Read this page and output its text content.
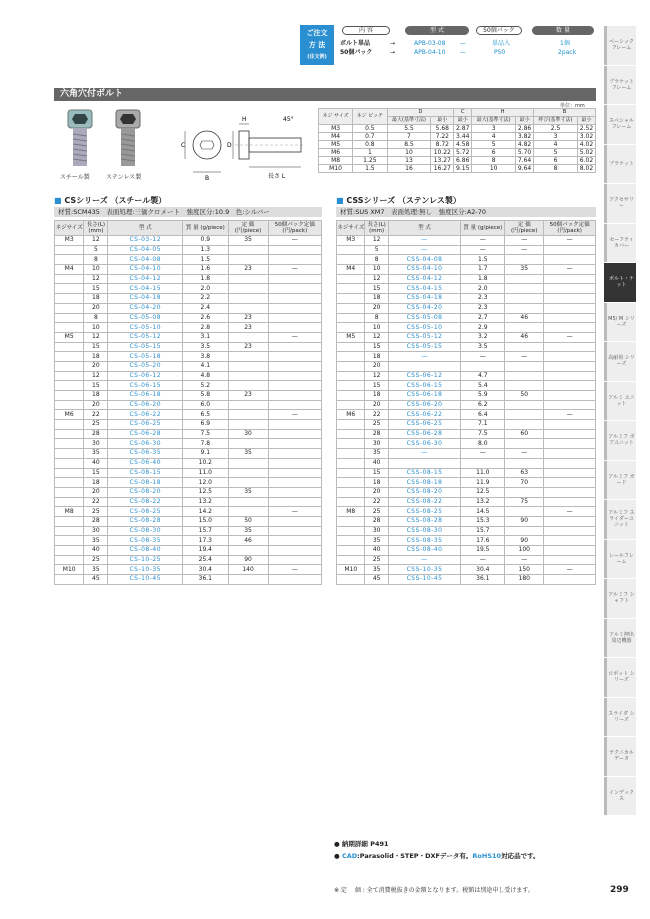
ご注文
方 法
(注文例)
内 容	型 式	50個パック	数 量
ボルト単品	→	APB-03-08 —	単品入	1個
50個パック	→	APB-04-10 —	P50	2pack
ベーシック フレーム
ブラケット フレーム
スペシャル フレーム
ブラケット
アクセサリー
セーフティ カバー
ボルト・ナット
M5/ M シリーズ
高耐荷 シリーズ
アルミ ユニット
アルミフ ボアユニット
アルミフ ガード
アルミフ スライダーユニット
レールフレーム
アルミフ シャフト
アルミ押出 周辺機器
ロボット シリーズ
スライダ シリーズ
テクニカル データ
インデックス
六角穴付ボルト
単位：mm
スチール製	ステンレス製
C
B
D
H	45°
長さ L
ネジ サイズ	ネジ ピッチ	D		C	H		B	
		最大(基準寸法)	最小	最小	最大(基準寸法)	最小	呼び(基準寸法)	最小
M3	0.5	5.5	5.68	2.87	3	2.86	2.5	2.52
M4	0.7	7	7.22	3.44	4	3.82	3	3.02
M5	0.8	8.5	8.72	4.58	5	4.82	4	4.02
M6	1	10	10.22	5.72	6	5.70	5	5.02
M8	1.25	13	13.27	6.86	8	7.64	6	6.02
M10	1.5	16	16.27	9.15	10	9.64	8	8.02
■ CSシリーズ （スチール製）
材質:SCM435　表面処理:三価クロメート　強度区分:10.9　色:シルバー
■ CSSシリーズ （ステンレス製）
材質:SUS XM7　表面処理:無し　強度区分:A2-70
ネジサイズ	長さ(L) (mm)	型 式	質 量 (g/piece)	定 価 (円/piece)	50個パック定価 (円/pack)
M3	12	CS-03-12	0.9	35	—
	5	CS-04-05	1.3		
	8	CS-04-08	1.5		
M4	10	CS-04-10	1.6	23	—
	12	CS-04-12	1.8		
	15	CS-04-15	2.0		
	18	CS-04-18	2.2		
	20	CS-04-20	2.4		
	8	CS-05-08	2.6	23	
	10	CS-05-10	2.8	23	
M5	12	CS-05-12	3.1		—
	15	CS-05-15	3.5	23	
	18	CS-05-18	3.8		
	20	CS-05-20	4.1		
	12	CS-06-12	4.8		
	15	CS-06-15	5.2		
	18	CS-06-18	5.8	23	
	20	CS-06-20	6.0		
M6	22	CS-06-22	6.5		—
	25	CS-06-25	6.9		
	28	CS-06-28	7.5	30	
	30	CS-06-30	7.8		
	35	CS-06-35	9.1	35	
	40	CS-06-40	10.2		
	15	CS-08-15	11.0		
	18	CS-08-18	12.0		
	20	CS-08-20	12.5	35	
	22	CS-08-22	13.2		
M8	25	CS-08-25	14.2		—
	28	CS-08-28	15.0	50	
	30	CS-08-30	15.7	35	
	35	CS-08-35	17.3	46	
	40	CS-08-40	19.4		
	25	CS-10-25	25.4	90	
M10	35	CS-10-35	30.4	140	—
	45	CS-10-45	36.1		
ネジサイズ	長さ(L) (mm)	型 式	質 量 (g/piece)	定 価 (円/piece)	50個パック定価 (円/pack)
M3	12	—	—	—	—
	5	—	—	—	
	8	CSS-04-08	1.5		
M4	10	CSS-04-10	1.7	35	—
	12	CSS-04-12	1.8		
	15	CSS-04-15	2.0		
	18	CSS-04-18	2.3		
	20	CSS-04-20	2.3		
	8	CSS-05-08	2.7	46	
	10	CSS-05-10	2.9		
M5	12	CSS-05-12	3.2	46	—
	15	CSS-05-15	3.5		
	18	—	—	—	
	20				
	12	CSS-06-12	4.7		
	15	CSS-06-15	5.4		
	18	CSS-06-18	5.9	50	
	20	CSS-06-20	6.2		
M6	22	CSS-06-22	6.4		—
	25	CSS-06-25	7.1		
	28	CSS-06-28	7.5	60	
	30	CSS-06-30	8.0		
	35	—	—	—	
	40				
	15	CSS-08-15	11.0	63	
	18	CSS-08-18	11.9	70	
	20	CSS-08-20	12.5		
	22	CSS-08-22	13.2	75	
M8	25	CSS-08-25	14.5		—
	28	CSS-08-28	15.3	90	
	30	CSS-08-30	15.7		
	35	CSS-08-35	17.6	90	
	40	CSS-08-40	19.5	100	
	25	—	—	—	
M10	35	CSS-10-35	30.4	150	—
	45	CSS-10-45	36.1	180	
● 納期詳細 P491
● CAD:Parasolid・STEP・DXFデータ有。RoHS10対応品です。
※ 定　 価 : 全て消費税抜きの金額となります。税額は別途申し受けます。	299
